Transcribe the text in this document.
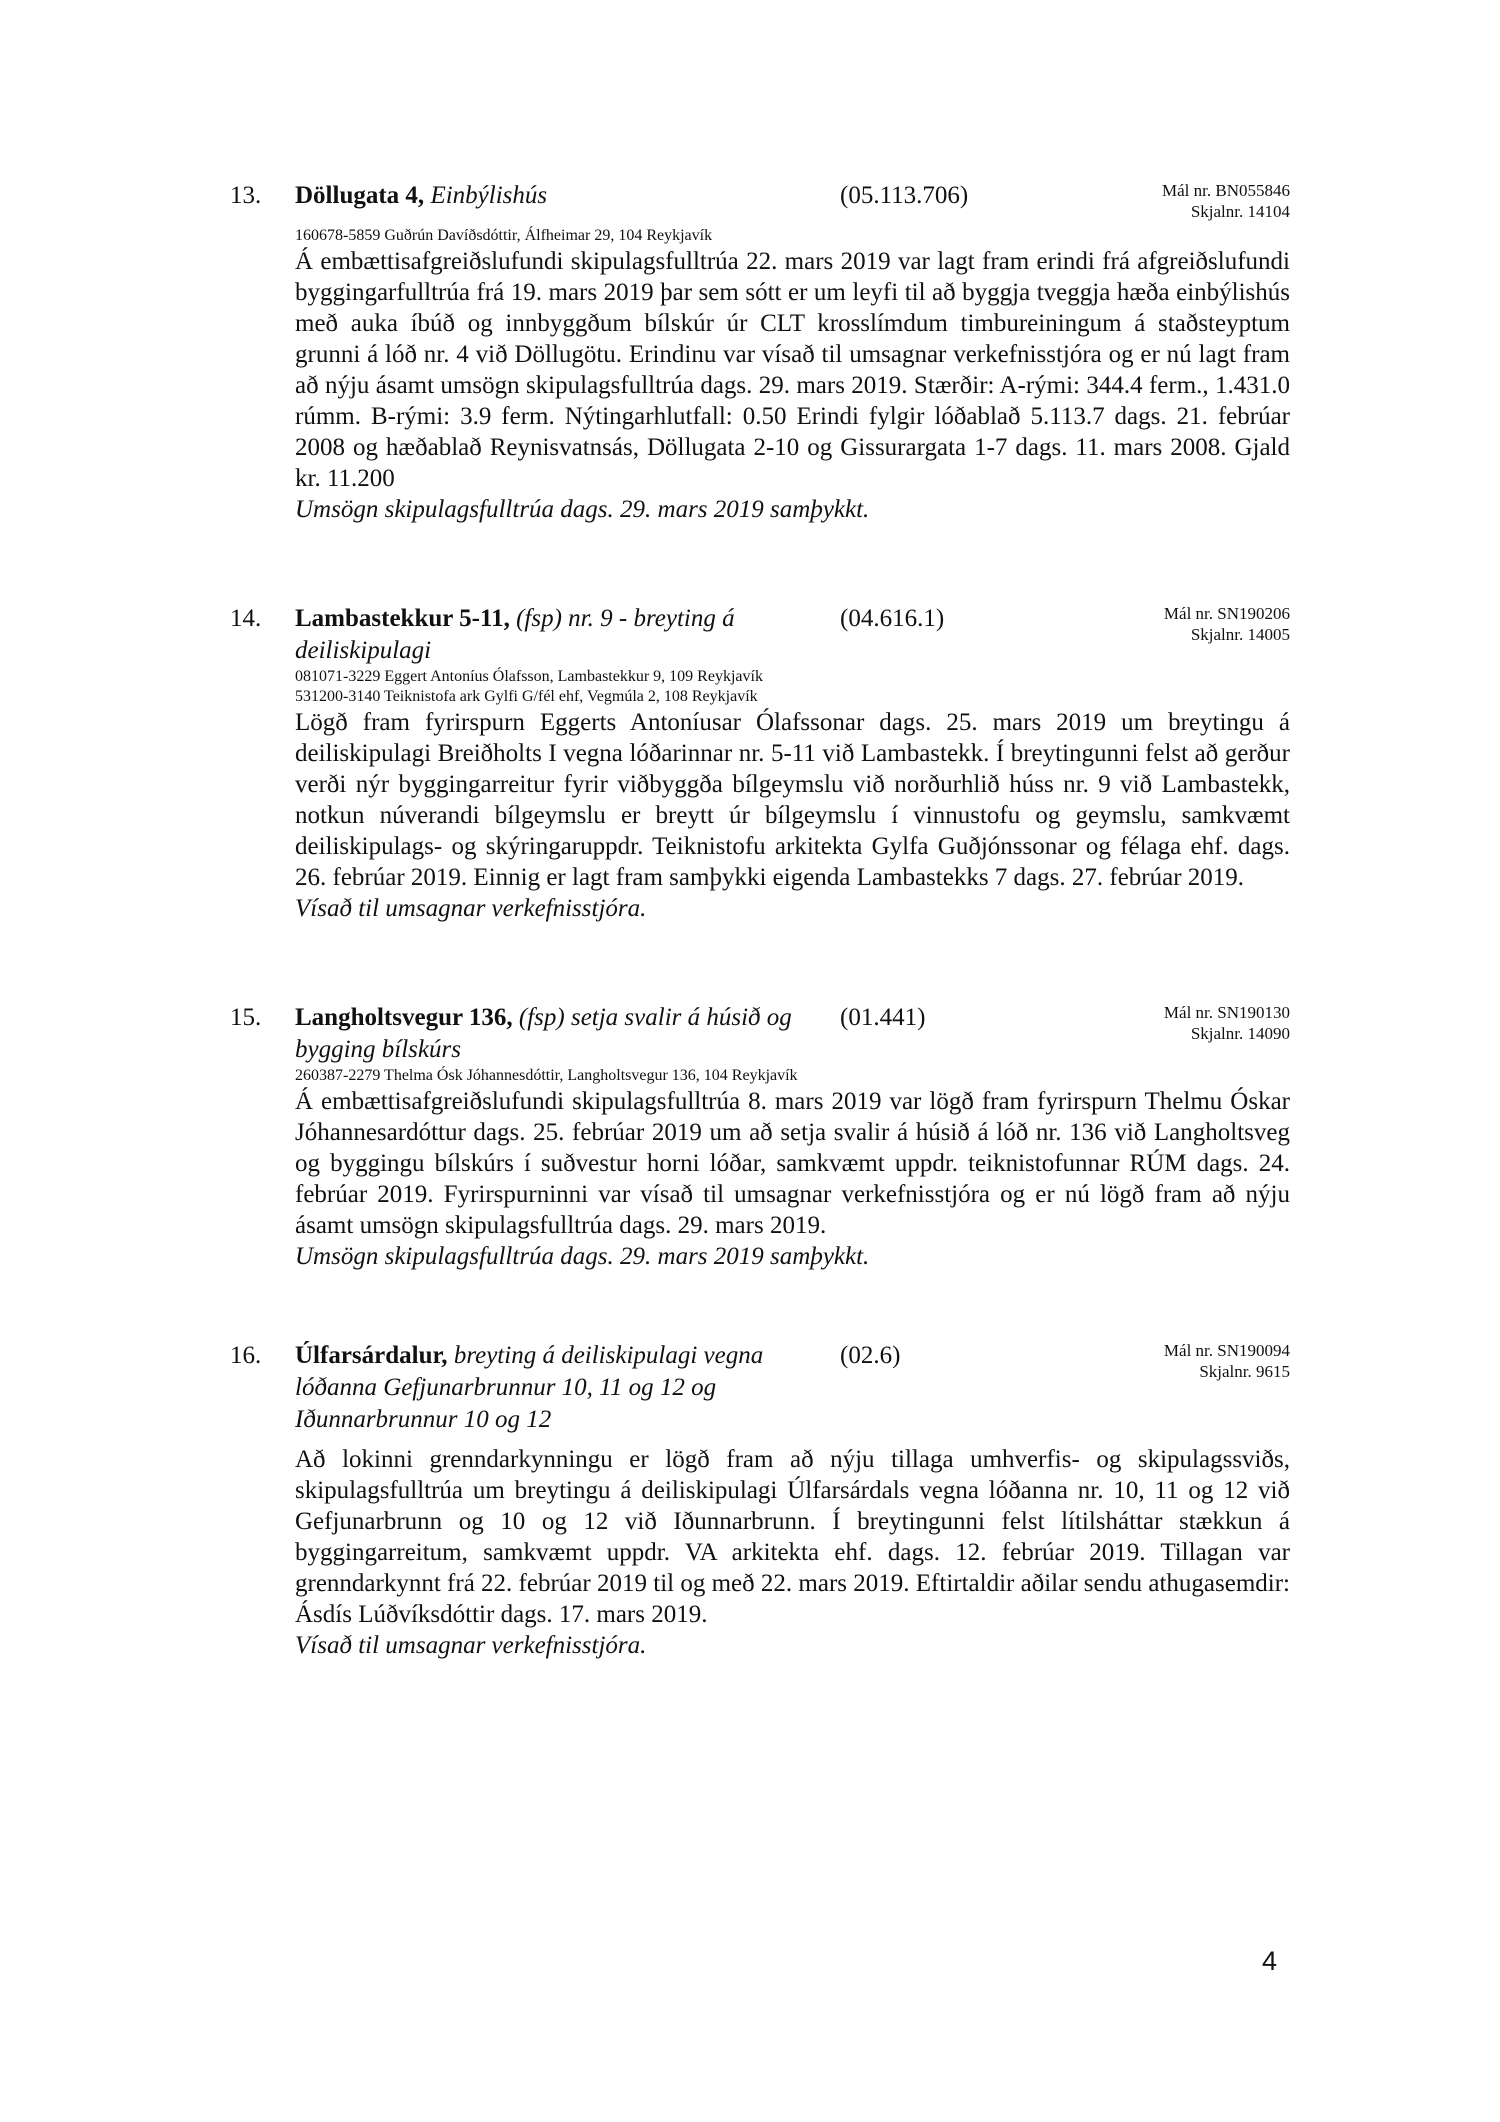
13. Döllugata 4, Einbýlishús	(05.113.706)	Mál nr. BN055846
Skjalnr. 14104
160678-5859 Guðrún Davíðsdóttir, Álfheimar 29, 104 Reykjavík

Á embættisafgreiðslufundi skipulagsfulltrúa 22. mars 2019 var lagt fram erindi frá afgreiðslufundi byggingarfulltrúa frá 19. mars 2019 þar sem sótt er um leyfi til að byggja tveggja hæða einbýlishús með auka íbúð og innbyggðum bílskúr úr CLT krosslímdum timbureiningum á staðsteyptum grunni á lóð nr. 4 við Döllugötu. Erindinu var vísað til umsagnar verkefnisstjóra og er nú lagt fram að nýju ásamt umsögn skipulagsfulltrúa dags. 29. mars 2019. Stærðir: A-rými: 344.4 ferm., 1.431.0 rúmm. B-rými: 3.9 ferm. Nýtingarhlutfall: 0.50 Erindi fylgir lóðablað 5.113.7 dags. 21. febrúar 2008 og hæðablað Reynisvatnsás, Döllugata 2-10 og Gissurargata 1-7 dags. 11. mars 2008. Gjald kr. 11.200

Umsögn skipulagsfulltrúa dags. 29. mars 2019 samþykkt.
14. Lambastekkur 5-11, (fsp) nr. 9 - breyting á deiliskipulagi
(04.616.1)	Mál nr. SN190206
Skjalnr. 14005
081071-3229 Eggert Antoníus Ólafsson, Lambastekkur 9, 109 Reykjavík
531200-3140 Teiknistofa ark Gylfi G/fél ehf, Vegmúla 2, 108 Reykjavík

Lögð fram fyrirspurn Eggerts Antoníusar Ólafssonar dags. 25. mars 2019 um breytingu á deiliskipulagi Breiðholts I vegna lóðarinnar nr. 5-11 við Lambastekk. Í breytingunni felst að gerður verði nýr byggingarreitur fyrir viðbyggða bílgeymslu við norðurhlið húss nr. 9 við Lambastekk, notkun núverandi bílgeymslu er breytt úr bílgeymslu í vinnustofu og geymslu, samkvæmt deiliskipulags- og skýringaruppdr. Teiknistofu arkitekta Gylfa Guðjónssonar og félaga ehf. dags. 26. febrúar 2019. Einnig er lagt fram samþykki eigenda Lambastekks 7 dags. 27. febrúar 2019.

Vísað til umsagnar verkefnisstjóra.
15. Langholtsvegur 136, (fsp) setja svalir á húsið og bygging bílskúrs
(01.441)	Mál nr. SN190130
Skjalnr. 14090
260387-2279 Thelma Ósk Jóhannesdóttir, Langholtsvegur 136, 104 Reykjavík

Á embættisafgreiðslufundi skipulagsfulltrúa 8. mars 2019 var lögð fram fyrirspurn Thelmu Óskar Jóhannesardóttur dags. 25. febrúar 2019 um að setja svalir á húsið á lóð nr. 136 við Langholtsveg og byggingu bílskúrs í suðvestur horni lóðar, samkvæmt uppdr. teiknistofunnar RÚM dags. 24. febrúar 2019. Fyrirspurninni var vísað til umsagnar verkefnisstjóra og er nú lögð fram að nýju ásamt umsögn skipulagsfulltrúa dags. 29. mars 2019.

Umsögn skipulagsfulltrúa dags. 29. mars 2019 samþykkt.
16. Úlfarsárdalur, breyting á deiliskipulagi vegna lóðanna Gefjunarbrunnur 10, 11 og 12 og Iðunnarbrunnur 10 og 12
(02.6)	Mál nr. SN190094
Skjalnr. 9615

Að lokinni grenndarkynningu er lögð fram að nýju tillaga umhverfis- og skipulagssviðs, skipulagsfulltrúa um breytingu á deiliskipulagi Úlfarsárdals vegna lóðanna nr. 10, 11 og 12 við Gefjunarbrunn og 10 og 12 við Iðunnarbrunn. Í breytingunni felst lítilsháttar stækkun á byggingarreitum, samkvæmt uppdr. VA arkitekta ehf. dags. 12. febrúar 2019. Tillagan var grenndarkynnt frá 22. febrúar 2019 til og með 22. mars 2019. Eftirtaldir aðilar sendu athugasemdir: Ásdís Lúðvíksdóttir dags. 17. mars 2019.

Vísað til umsagnar verkefnisstjóra.
4
